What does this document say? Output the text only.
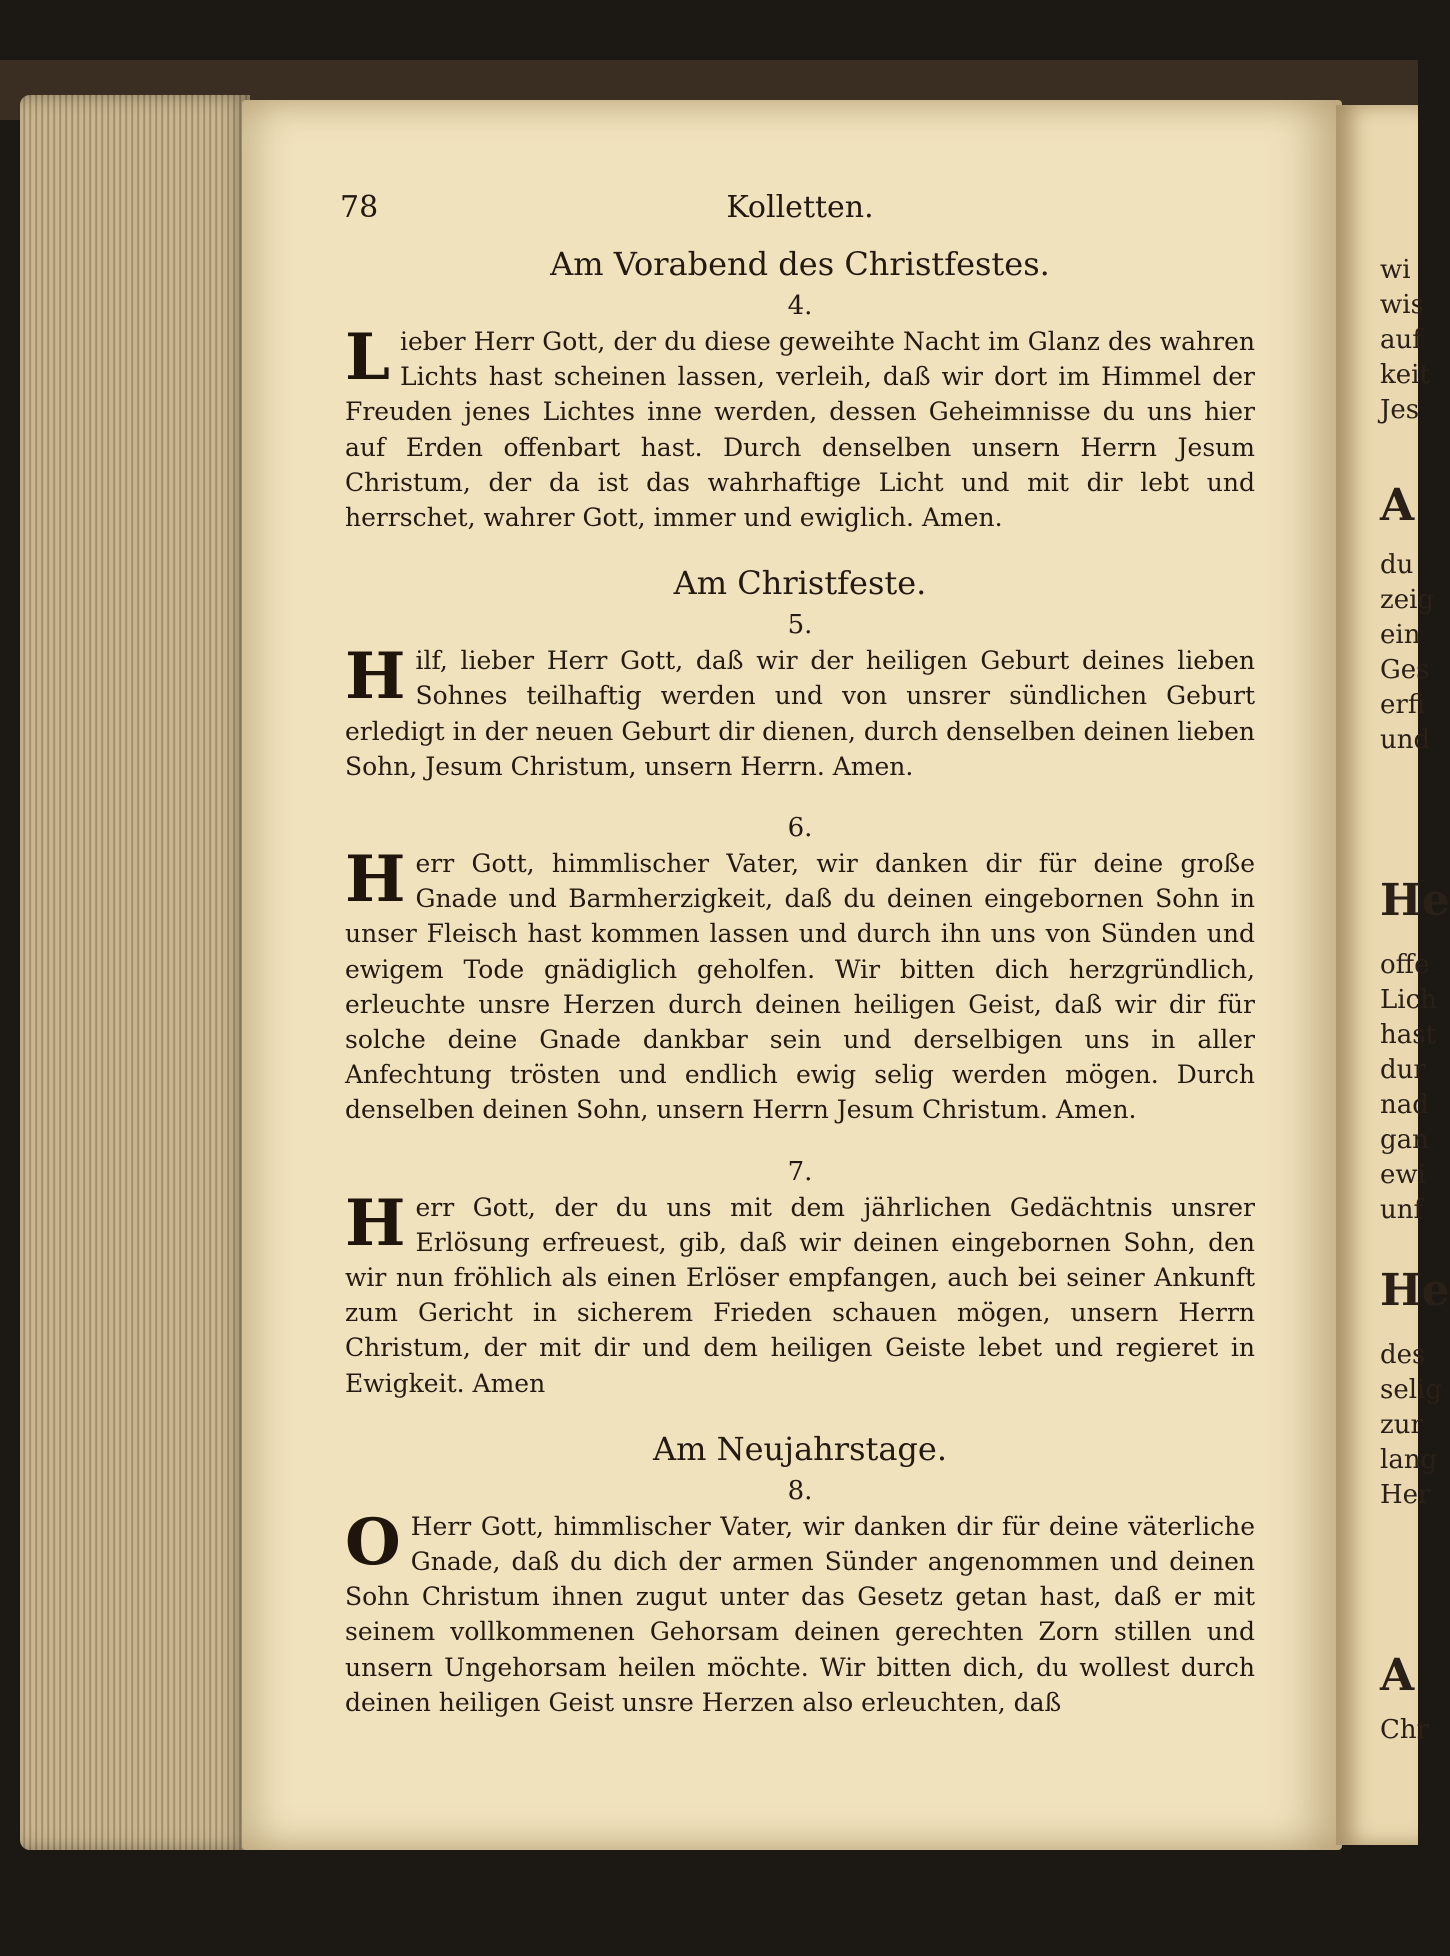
wi
wis
auf
keit
Jes
A
du
zeig
ein
Ges
erfi
und
He
offe
Lich
hast
dur
nad
gan
ewi
unf
He
des
selig
zur
lang
Her
A
Chr
Kolletten.
78
Am Vorabend des Christfestes.
4.

Lieber Herr Gott, der du diese geweihte Nacht im Glanz des wahren Lichts hast scheinen lassen, verleih, daß wir dort im Himmel der Freuden jenes Lichtes inne werden, dessen Geheimnisse du uns hier auf Erden offenbart hast. Durch denselben unsern Herrn Jesum Christum, der da ist das wahrhaftige Licht und mit dir lebt und herrschet, wahrer Gott, immer und ewiglich. Amen.

Am Christfeste.
5.

Hilf, lieber Herr Gott, daß wir der heiligen Geburt deines lieben Sohnes teilhaftig werden und von unsrer sündlichen Geburt erledigt in der neuen Geburt dir dienen, durch denselben deinen lieben Sohn, Jesum Christum, unsern Herrn. Amen.

6.

Herr Gott, himmlischer Vater, wir danken dir für deine große Gnade und Barmherzigkeit, daß du deinen eingebornen Sohn in unser Fleisch hast kommen lassen und durch ihn uns von Sünden und ewigem Tode gnädiglich geholfen. Wir bitten dich herzgründlich, erleuchte unsre Herzen durch deinen heiligen Geist, daß wir dir für solche deine Gnade dankbar sein und derselbigen uns in aller Anfechtung trösten und endlich ewig selig werden mögen. Durch denselben deinen Sohn, unsern Herrn Jesum Christum. Amen.

7.

Herr Gott, der du uns mit dem jährlichen Gedächtnis unsrer Erlösung erfreuest, gib, daß wir deinen eingebornen Sohn, den wir nun fröhlich als einen Erlöser empfangen, auch bei seiner Ankunft zum Gericht in sicherem Frieden schauen mögen, unsern Herrn Christum, der mit dir und dem heiligen Geiste lebet und regieret in Ewigkeit. Amen

Am Neujahrstage.
8.

O Herr Gott, himmlischer Vater, wir danken dir für deine väterliche Gnade, daß du dich der armen Sünder angenommen und deinen Sohn Christum ihnen zugut unter das Gesetz getan hast, daß er mit seinem vollkommenen Gehorsam deinen gerechten Zorn stillen und unsern Ungehorsam heilen möchte. Wir bitten dich, du wollest durch deinen heiligen Geist unsre Herzen also erleuchten, daß
